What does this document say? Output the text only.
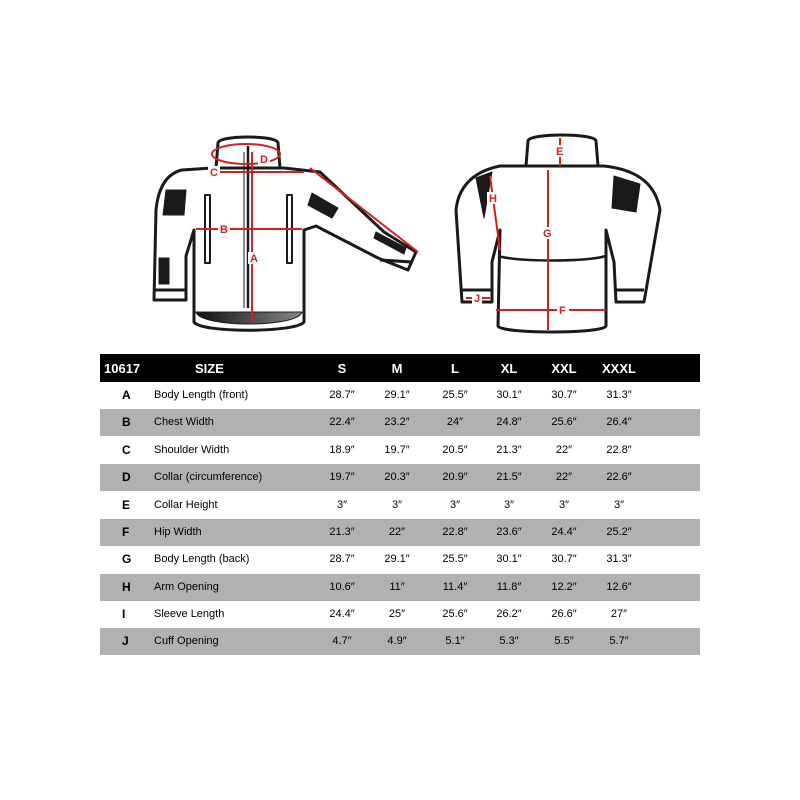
C
D
B
A
E
G
F
H
J
10617	SIZE	S	M	L	XL	XXL	XXXL
A Body Length (front)	28.7″	29.1″	25.5″	30.1″	30.7″	31.3″
B Chest Width	22.4″	23.2″	24″	24.8″	25.6″	26.4″
C Shoulder Width	18.9″	19.7″	20.5″	21.3″	22″	22.8″
D Collar (circumference)	19.7″	20.3″	20.9″	21.5″	22″	22.6″
E Collar Height	3″	3″	3″	3″	3″	3″
F Hip Width	21.3″	22″	22.8″	23.6″	24.4″	25.2″
G Body Length (back)	28.7″	29.1″	25.5″	30.1″	30.7″	31.3″
H Arm Opening	10.6″	11″	11.4″	11.8″	12.2″	12.6″
I	Sleeve Length	24.4″	25″	25.6″	26.2″	26.6″	27″
J Cuff Opening	4.7″	4.9″	5.1″	5.3″	5.5″	5.7″
